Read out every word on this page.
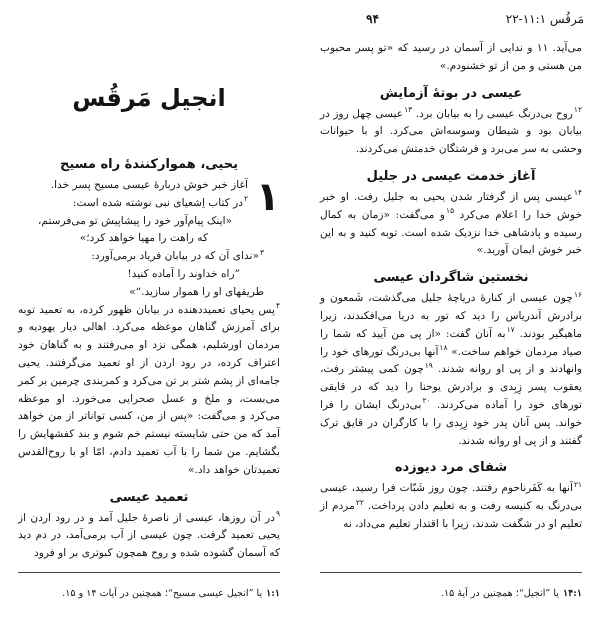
مَرقُس ۱۱:۱-۲۲
۹۴

می‌آید. ۱۱ و ندایی از آسمان در رسید که «تو پسر محبوب من هستی و من از تو خشنودم.»

عیسی در بوتهٔ آزمایش

$^{۱۲}$روح بی‌درنگ عیسی را به بیابان برد. $^{۱۳}$عیسی چهل روز در بیابان بود و شیطان وسوسه‌اش می‌کرد. او با حیوانات وحشی به سر می‌برد و فرشتگان خدمتش می‌کردند.

آغاز خدمت عیسی در جلیل

$^{۱۴}$عیسی پس از گرفتار شدن یحیی به جلیل رفت. او خبر خوش خدا را اعلام می‌کرد $^{۱۵}$و می‌گفت: «زمان به کمال رسیده و پادشاهی خدا نزدیک شده است. توبه کنید و به این خبر خوش ایمان آورید.»

نخستین شاگردان عیسی

$^{۱۶}$چون عیسی از کنارهٔ دریاچهٔ جلیل می‌گذشت، شَمعون و برادرش آندریاس را دید که تور به دریا می‌افکندند، زیرا ماهیگیر بودند. $^{۱۷}$به آنان گفت: «از پی من آیید که شما را صیاد مردمان خواهم ساخت.» $^{۱۸}$آنها بی‌درنگ تورهای خود را وانهادند و از پی او روانه شدند. $^{۱۹}$چون کمی پیشتر رفت، یعقوب پسر زِبِدی و برادرش یوحنا را دید که در قایقی تورهای خود را آماده می‌کردند. $^{۲۰}$بی‌درنگ ایشان را فرا خواند. پس آنان پدر خود زِبِدی را با کارگران در قایق ترک گفتند و از پی او روانه شدند.

شفای مرد دیوزده

$^{۲۱}$آنها به کَفَرناحوم رفتند. چون روز شَبّات فرا رسید، عیسی بی‌درنگ به کنیسه رفت و به تعلیم دادن پرداخت. $^{۲۲}$مردم از تعلیم او در شگفت شدند، زیرا با اقتدار تعلیم می‌داد، نه

انجیل مَرقُس
یحیی، هموارکنندهٔ راه مسیح
۱

آغاز خبر خوش دربارهٔ عیسی مسیح پسر خدا.

$^۲$در کتاب اِشعیای نبی نوشته شده است:

«اینک پیام‌آور خود را پیشاپیش تو می‌فرستم،

که راهت را مهیا خواهد کرد؛»

$^۳$«ندای آن که در بیابان فریاد برمی‌آورد:

”راه خداوند را آماده کنید!

طریقهای او را هموار سازید.“»

$^۴$پس یحیای تعمیددهنده در بیابان ظهور کرده، به تعمید توبه برای آمرزش گناهان موعظه می‌کرد. اهالی دیار یهودیه و مردمان اورشلیم، همگی نزد او می‌رفتند و به گناهان خود اعتراف کرده، در رود اردن از او تعمید می‌گرفتند. یحیی جامه‌ای از پشم شتر بر تن می‌کرد و کمربندی چرمین بر کمر می‌بست، و ملخ و عسل صحرایی می‌خورد. او موعظه می‌کرد و می‌گفت: «پس از من، کسی تواناتر از من خواهد آمد که من حتی شایسته نیستم خم شوم و بند کفشهایش را بگشایم. من شما را با آب تعمید دادم، امّا او با روح‌القدس تعمیدتان خواهد داد.»

تعمید عیسی

$^۹$در آن روزها، عیسی از ناصرهٔ جلیل آمد و در رود اردن از یحیی تعمید گرفت. چون عیسی از آب برمی‌آمد، در دم دید که آسمان گشوده شده و روح همچون کبوتری بر او فرود

۱۴:۱یا ”انجیل“؛ همچنین در آیهٔ ۱۵.
۱:۱یا ”انجیل عیسی مسیح“؛ همچنین در آیات ۱۴ و ۱۵.
